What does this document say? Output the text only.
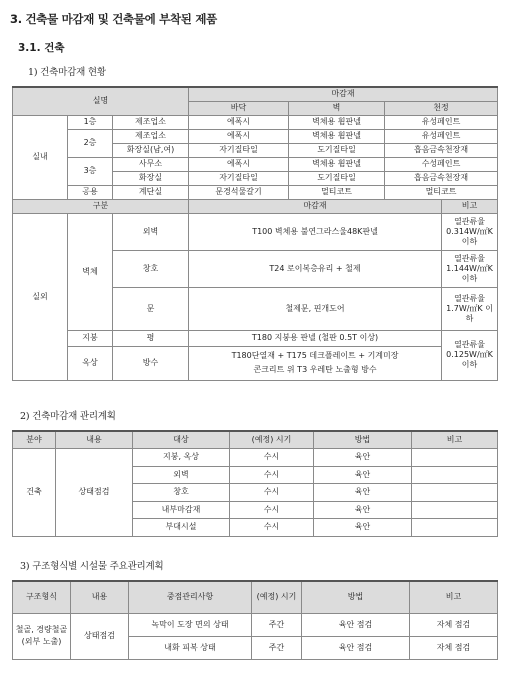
3. 건축물 마감재 및 건축물에 부착된 제품
3.1. 건축
1) 건축마감재 현황
실명			마감재			
			바닥	벽	천정	
실내	1층	제조업소	에폭시	벽체용 휨판넬	유성페인트	
	2층	제조업소	에폭시	벽체용 휨판넬	유성페인트	
		화장실(남,여)	자기질타일	도기질타일	흡음금속천장재	
	3층	사무소	에폭시	벽체용 휨판넬	수성페인트	
		화장실	자기질타일	도기질타일	흡음금속천장재	
	공용	계단실	문경석물갈기	멀티코트	멀티코트	
구분			마감재			비고
실외	벽체	외벽	T100 벽체용 불연그라스울48K판넬			열관류율 0.314W/㎡K 이하
		창호	T24 로이복층유리 + 철제			열관류율 1.144W/㎡K 이하
		문	철제문, 핀개도어			열관류율 1.7W/㎡K 이하
	지붕	평	T180 지붕용 판넬 (철판 0.5T 이상)			열관류율 0.125W/㎡K 이하
	옥상	방수	T180단열재 + T175 데크플레이트 + 기계미장
콘크리트 위 T3 우레탄 노출형 방수			
2) 건축마감재 관리계획
분야	내용	대상	(예정) 시기	방법	비고
건축	상태점검	지붕, 옥상	수시	육안	
		외벽	수시	육안	
		창호	수시	육안	
		내부마감재	수시	육안	
		부대시설	수시	육안	
3) 구조형식별 시설물 주요관리계획
구조형식	내용	중점관리사항	(예정) 시기	방법	비고
철골, 경량철골 (외부 노출)	상태점검	녹막이 도장 면의 상태	주간	육안 점검	자체 점검
		내화 피복 상태	주간	육안 점검	자체 점검
